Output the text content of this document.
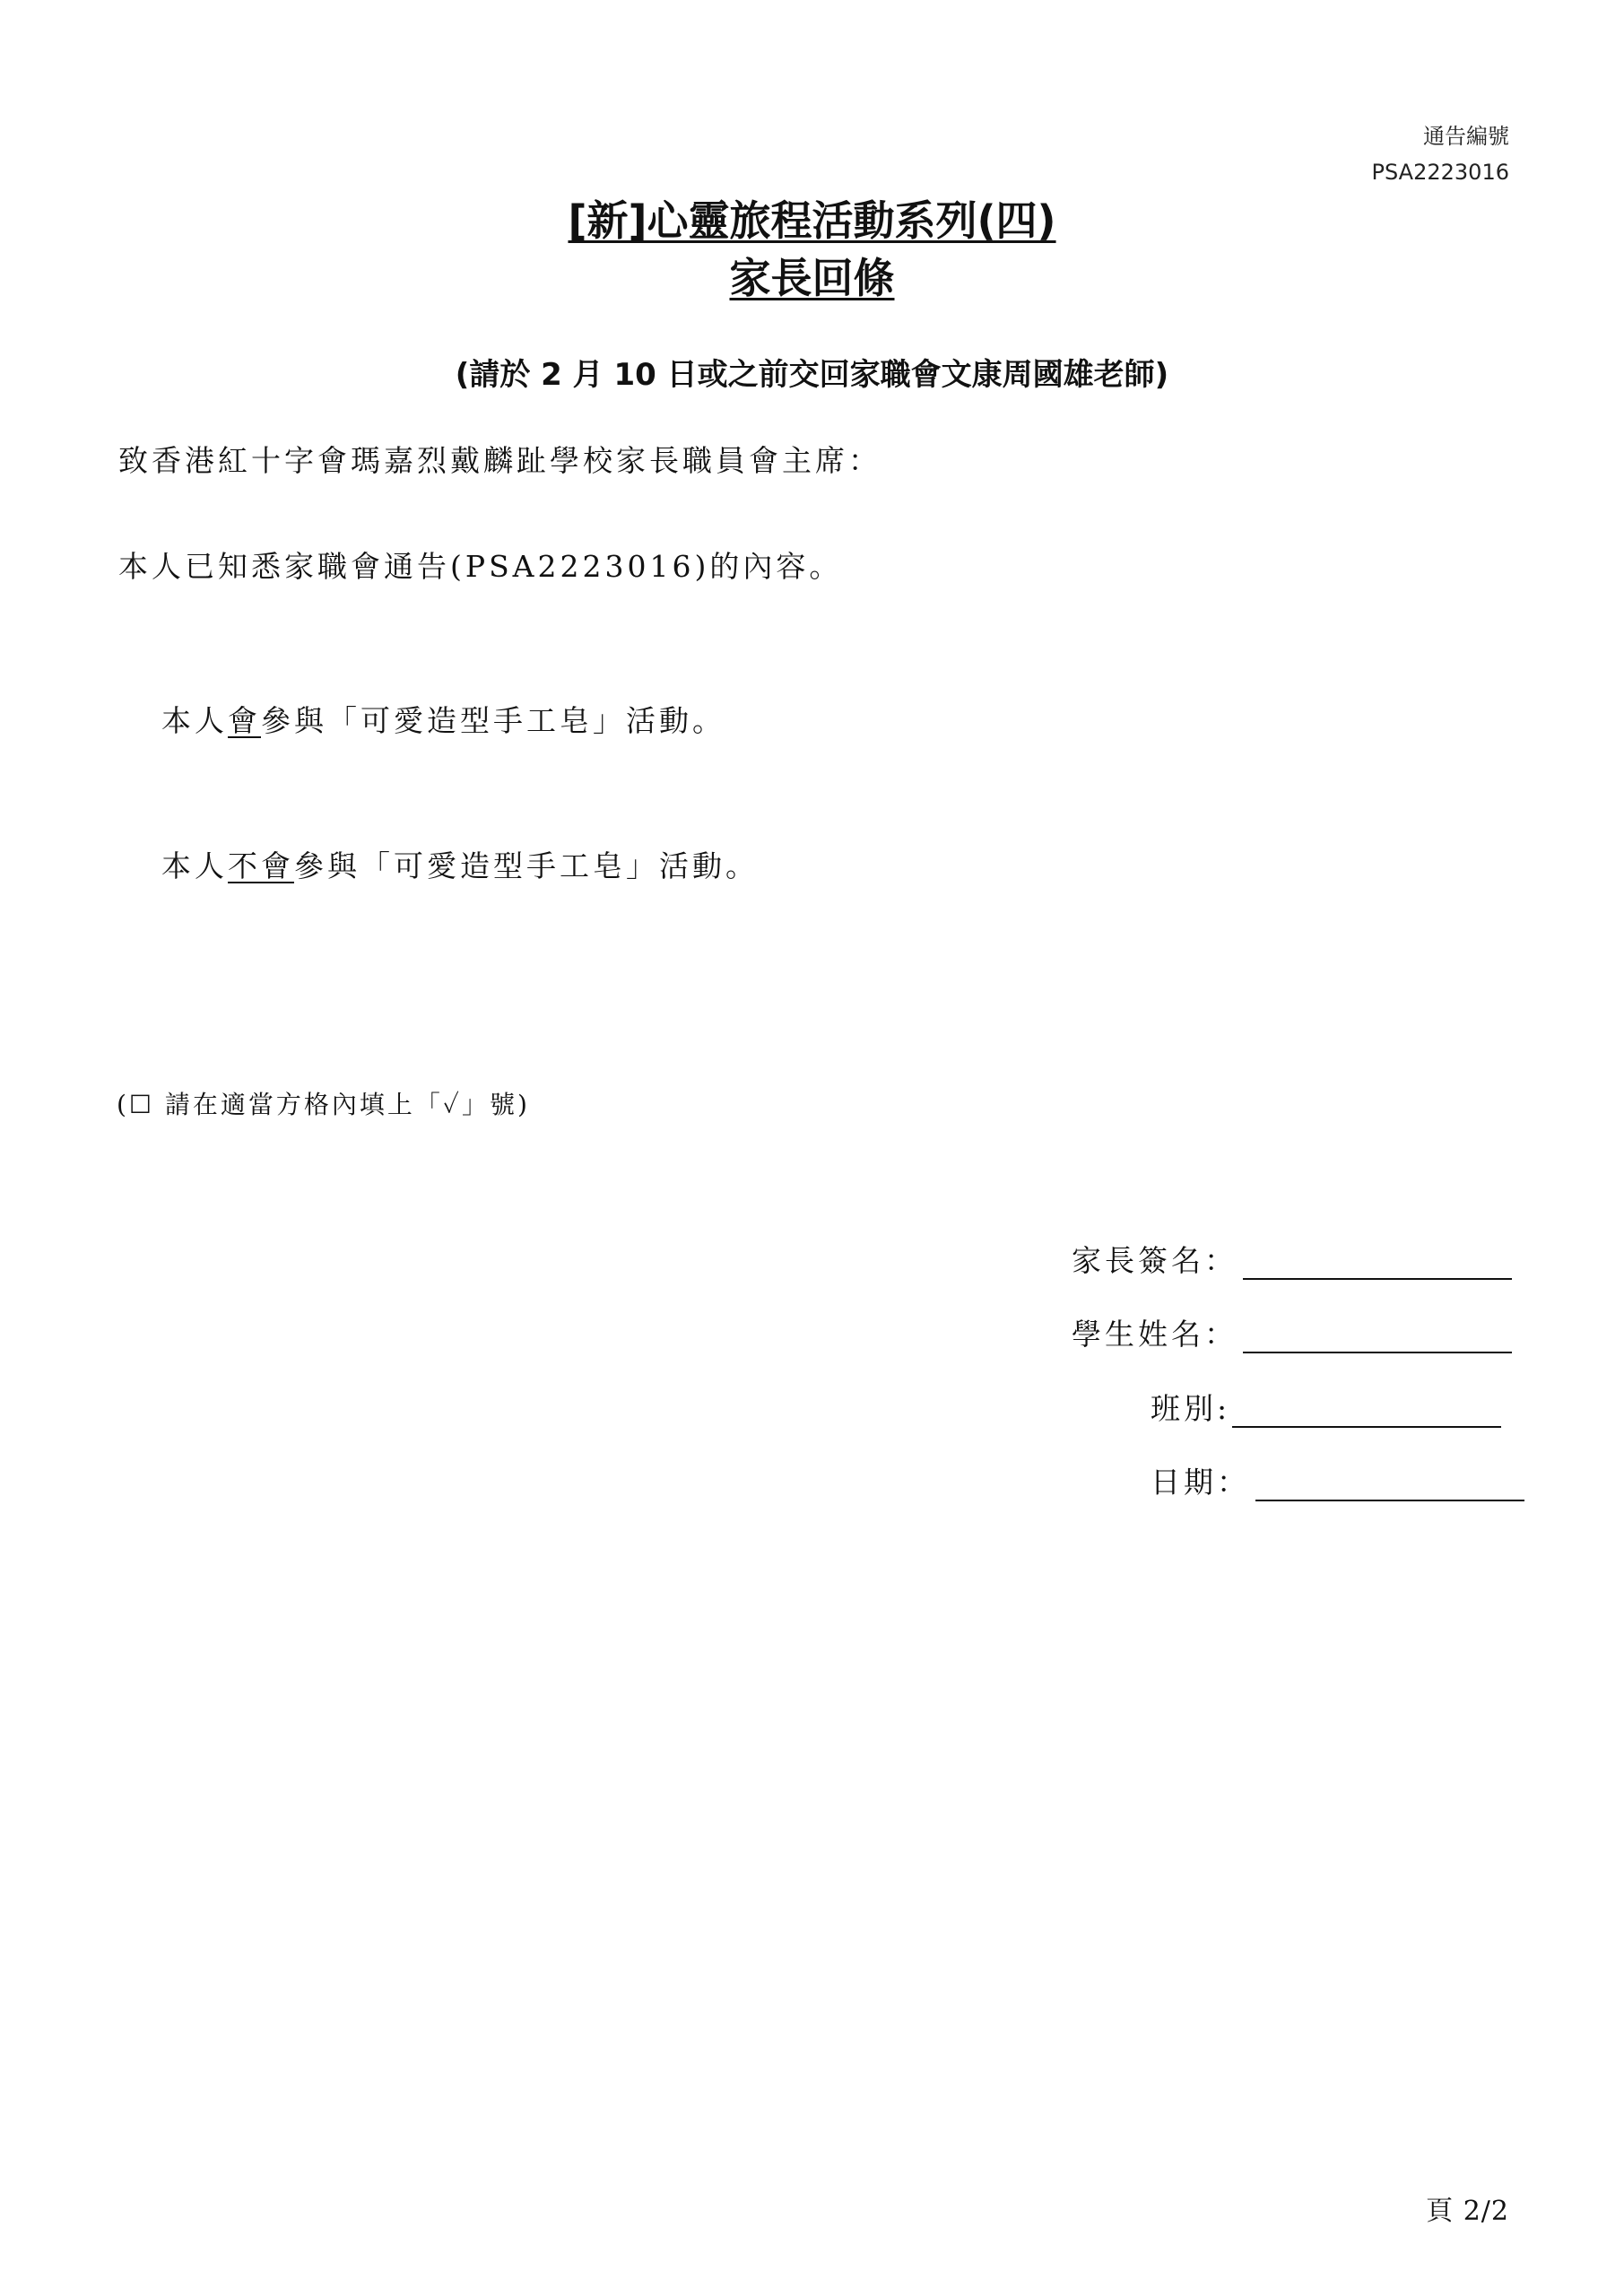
通告編號
PSA2223016
[新]心靈旅程活動系列(四)
家長回條
(請於 2 月 10 日或之前交回家職會文康周國雄老師)
致香港紅十字會瑪嘉烈戴麟趾學校家長職員會主席：
本人已知悉家職會通告(PSA2223016)的內容。
本人會參與「可愛造型手工皂」活動。
本人不會參與「可愛造型手工皂」活動。
(☐ 請在適當方格內填上「✓」號)
家長簽名：
學生姓名：
班別:
日期：
頁 2/2
